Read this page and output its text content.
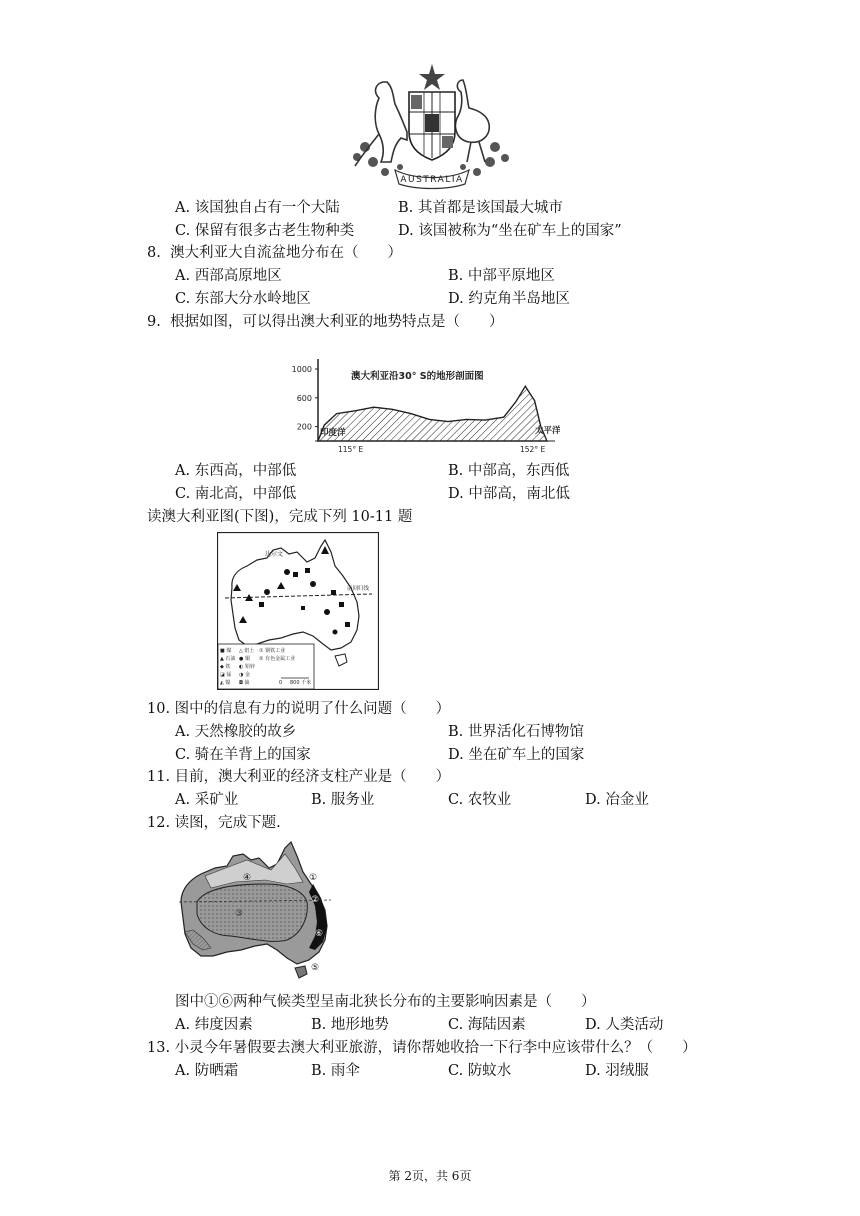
AUSTRALIA
A. 该国独自占有一个大陆	B. 其首都是该国最大城市
C. 保留有很多古老生物种类	D. 该国被称为“坐在矿车上的国家”
8. 澳大利亚大自流盆地分布在（　　）
A. 西部高原地区	B. 中部平原地区
C. 东部大分水岭地区	D. 约克角半岛地区
9. 根据如图，可以得出澳大利亚的地势特点是（　　）
200
600
1000
澳大利亚沿30° S的地形剖面图
印度洋	太平洋
115° E	152° E
A. 东西高，中部低	B. 中部高，东西低
C. 南北高，中部低	D. 中部高，南北低
读澳大利亚图(下图)，完成下列 10-11 题
达尔文
南回归线
■ 煤 △ 铝土 ① 钢铁工业
▲ 石油 ● 铜 ② 有色金属工业
◆ 铁 ◐ 铅锌
◪ 锰 ◑ 金
◭ 镍 ◘ 铀	0 800 千米
10. 图中的信息有力的说明了什么问题（　　）
A. 天然橡胶的故乡	B. 世界活化石博物馆
C. 骑在羊背上的国家	D. 坐在矿车上的国家
11. 目前，澳大利亚的经济支柱产业是（　　）
A. 采矿业	B. 服务业	C. 农牧业	D. 冶金业
12. 读图，完成下题.
①
②
③
④
⑤
⑥
图中①⑥两种气候类型呈南北狭长分布的主要影响因素是（　　）
A. 纬度因素	B. 地形地势	C. 海陆因素	D. 人类活动
13. 小灵今年暑假要去澳大利亚旅游，请你帮她收拾一下行李中应该带什么？（　　）
A. 防晒霜	B. 雨伞	C. 防蚊水	D. 羽绒服
第 2页，共 6页
